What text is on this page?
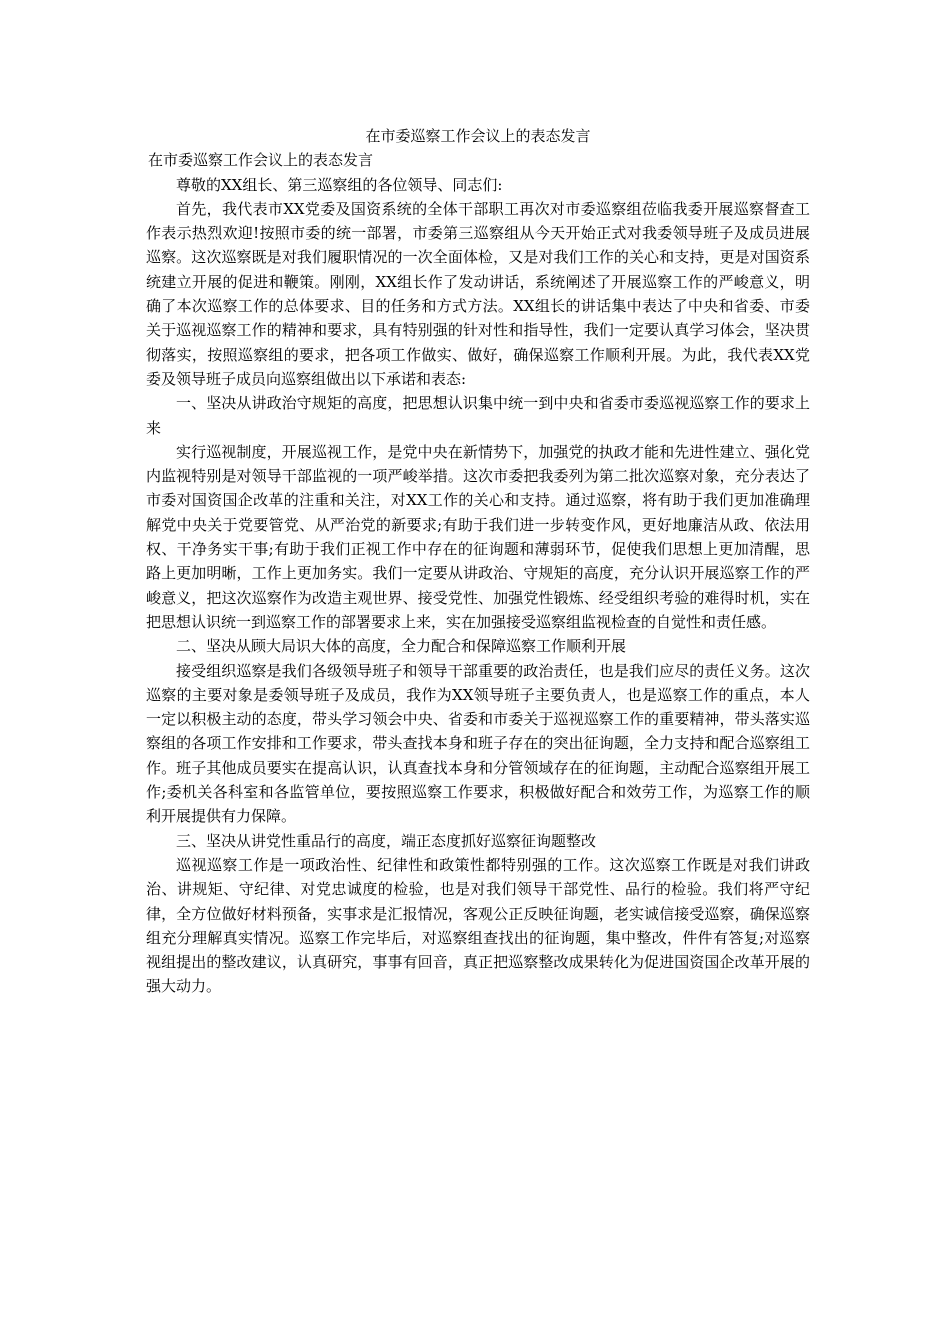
在市委巡察工作会议上的表态发言

在市委巡察工作会议上的表态发言

尊敬的XX组长、第三巡察组的各位领导、同志们:

首先，我代表市XX党委及国资系统的全体干部职工再次对市委巡察组莅临我委开展巡察督查工作表示热烈欢迎!按照市委的统一部署，市委第三巡察组从今天开始正式对我委领导班子及成员进展巡察。这次巡察既是对我们履职情况的一次全面体检，又是对我们工作的关心和支持，更是对国资系统建立开展的促进和鞭策。刚刚，XX组长作了发动讲话，系统阐述了开展巡察工作的严峻意义，明确了本次巡察工作的总体要求、目的任务和方式方法。XX组长的讲话集中表达了中央和省委、市委关于巡视巡察工作的精神和要求，具有特别强的针对性和指导性，我们一定要认真学习体会，坚决贯彻落实，按照巡察组的要求，把各项工作做实、做好，确保巡察工作顺利开展。为此，我代表XX党委及领导班子成员向巡察组做出以下承诺和表态:

一、坚决从讲政治守规矩的高度，把思想认识集中统一到中央和省委市委巡视巡察工作的要求上来

实行巡视制度，开展巡视工作，是党中央在新情势下，加强党的执政才能和先进性建立、强化党内监视特别是对领导干部监视的一项严峻举措。这次市委把我委列为第二批次巡察对象，充分表达了市委对国资国企改革的注重和关注，对XX工作的关心和支持。通过巡察，将有助于我们更加准确理解党中央关于党要管党、从严治党的新要求;有助于我们进一步转变作风，更好地廉洁从政、依法用权、干净务实干事;有助于我们正视工作中存在的征询题和薄弱环节，促使我们思想上更加清醒，思路上更加明晰，工作上更加务实。我们一定要从讲政治、守规矩的高度，充分认识开展巡察工作的严峻意义，把这次巡察作为改造主观世界、接受党性、加强党性锻炼、经受组织考验的难得时机，实在把思想认识统一到巡察工作的部署要求上来，实在加强接受巡察组监视检查的自觉性和责任感。

二、坚决从顾大局识大体的高度，全力配合和保障巡察工作顺利开展

接受组织巡察是我们各级领导班子和领导干部重要的政治责任，也是我们应尽的责任义务。这次巡察的主要对象是委领导班子及成员，我作为XX领导班子主要负责人，也是巡察工作的重点，本人一定以积极主动的态度，带头学习领会中央、省委和市委关于巡视巡察工作的重要精神，带头落实巡察组的各项工作安排和工作要求，带头查找本身和班子存在的突出征询题，全力支持和配合巡察组工作。班子其他成员要实在提高认识，认真查找本身和分管领域存在的征询题，主动配合巡察组开展工作;委机关各科室和各监管单位，要按照巡察工作要求，积极做好配合和效劳工作，为巡察工作的顺利开展提供有力保障。

三、坚决从讲党性重品行的高度，端正态度抓好巡察征询题整改

巡视巡察工作是一项政治性、纪律性和政策性都特别强的工作。这次巡察工作既是对我们讲政治、讲规矩、守纪律、对党忠诚度的检验，也是对我们领导干部党性、品行的检验。我们将严守纪律，全方位做好材料预备，实事求是汇报情况，客观公正反映征询题，老实诚信接受巡察，确保巡察组充分理解真实情况。巡察工作完毕后，对巡察组查找出的征询题，集中整改，件件有答复;对巡察视组提出的整改建议，认真研究，事事有回音，真正把巡察整改成果转化为促进国资国企改革开展的强大动力。
